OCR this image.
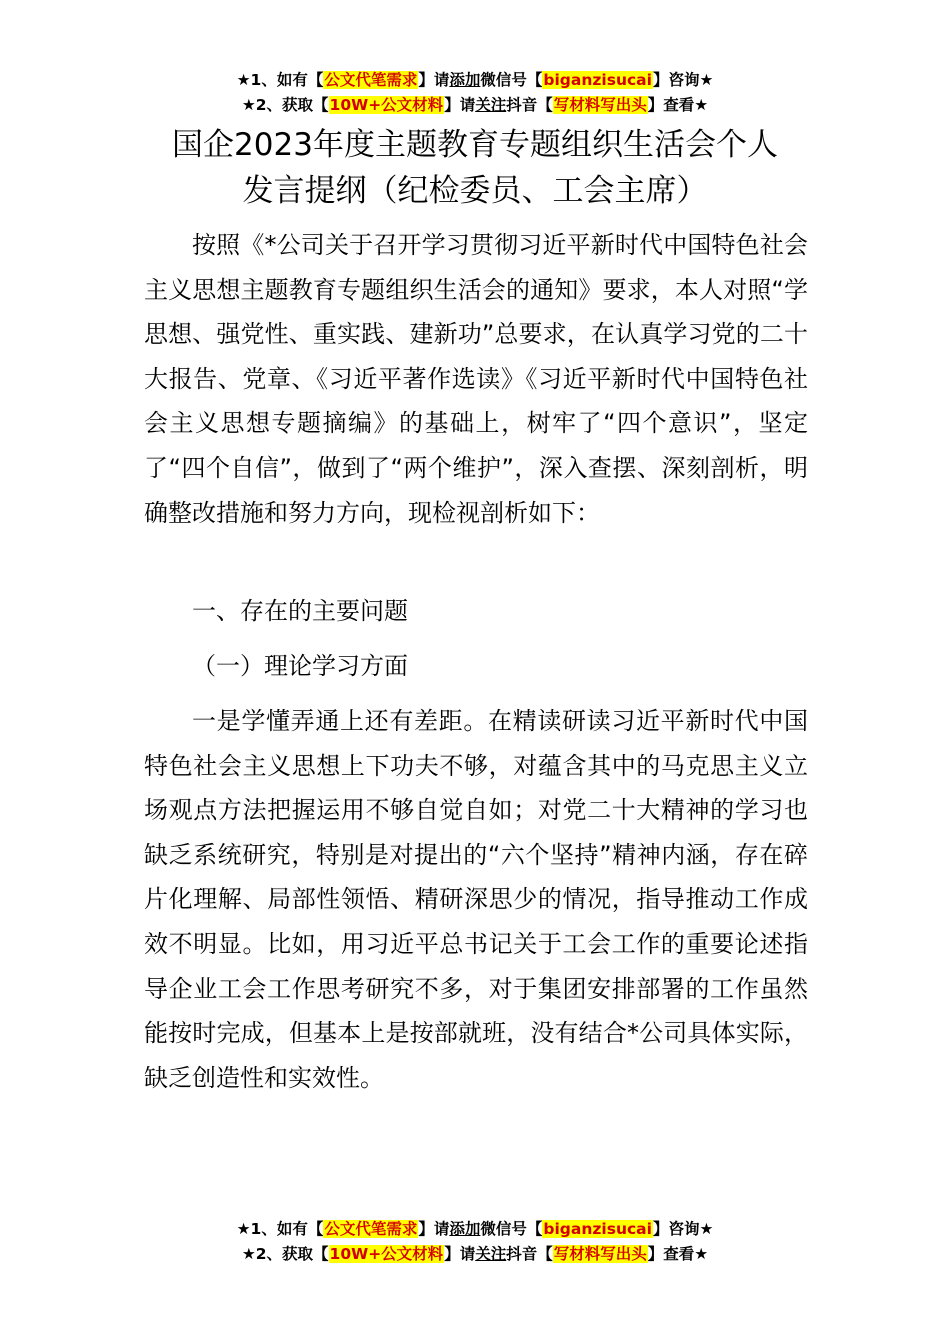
★1、如有【公文代笔需求】请添加微信号【biganzisucai】咨询★
★2、获取【10W+公文材料】请关注抖音【写材料写出头】查看★
国企2023年度主题教育专题组织生活会个人
发言提纲（纪检委员、工会主席）

按照《*公司关于召开学习贯彻习近平新时代中国特色社会主义思想主题教育专题组织生活会的通知》要求，本人对照“学思想、强党性、重实践、建新功”总要求，在认真学习党的二十大报告、党章、《习近平著作选读》《习近平新时代中国特色社会主义思想专题摘编》的基础上，树牢了“四个意识”，坚定了“四个自信”，做到了“两个维护”，深入查摆、深刻剖析，明确整改措施和努力方向，现检视剖析如下：

一、存在的主要问题

（一）理论学习方面

一是学懂弄通上还有差距。在精读研读习近平新时代中国特色社会主义思想上下功夫不够，对蕴含其中的马克思主义立场观点方法把握运用不够自觉自如；对党二十大精神的学习也缺乏系统研究，特别是对提出的“六个坚持”精神内涵，存在碎片化理解、局部性领悟、精研深思少的情况，指导推动工作成效不明显。比如，用习近平总书记关于工会工作的重要论述指导企业工会工作思考研究不多，对于集团安排部署的工作虽然能按时完成，但基本上是按部就班，没有结合*公司具体实际，缺乏创造性和实效性。

★1、如有【公文代笔需求】请添加微信号【biganzisucai】咨询★
★2、获取【10W+公文材料】请关注抖音【写材料写出头】查看★
